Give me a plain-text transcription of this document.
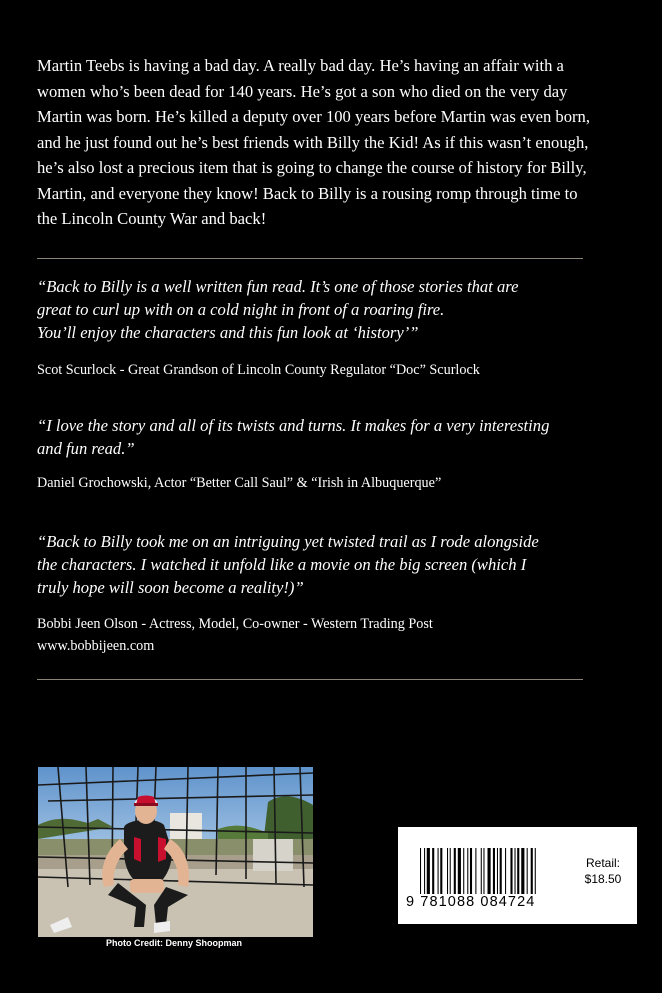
Martin Teebs is having a bad day. A really bad day. He’s having an affair with a
women who’s been dead for 140 years. He’s got a son who died on the very day
Martin was born. He’s killed a deputy over 100 years before Martin was even born,
and he just found out he’s best friends with Billy the Kid! As if this wasn’t enough,
he’s also lost a precious item that is going to change the course of history for Billy,
Martin, and everyone they know! Back to Billy is a rousing romp through time to
the Lincoln County War and back!
“Back to Billy is a well written fun read. It’s one of those stories that are
great to curl up with on a cold night in front of a roaring fire.
You’ll enjoy the characters and this fun look at ‘history’”
Scot Scurlock - Great Grandson of Lincoln County Regulator “Doc” Scurlock
“I love the story and all of its twists and turns. It makes for a very interesting
and fun read.”
Daniel Grochowski, Actor “Better Call Saul” & “Irish in Albuquerque”
“Back to Billy took me on an intriguing yet twisted trail as I rode alongside
the characters. I watched it unfold like a movie on the big screen (which I
truly hope will soon become a reality!)”
Bobbi Jeen Olson - Actress, Model, Co-owner - Western Trading Post
www.bobbijeen.com
Photo Credit: Denny Shoopman
9 781088 084724
Retail:
$18.50
